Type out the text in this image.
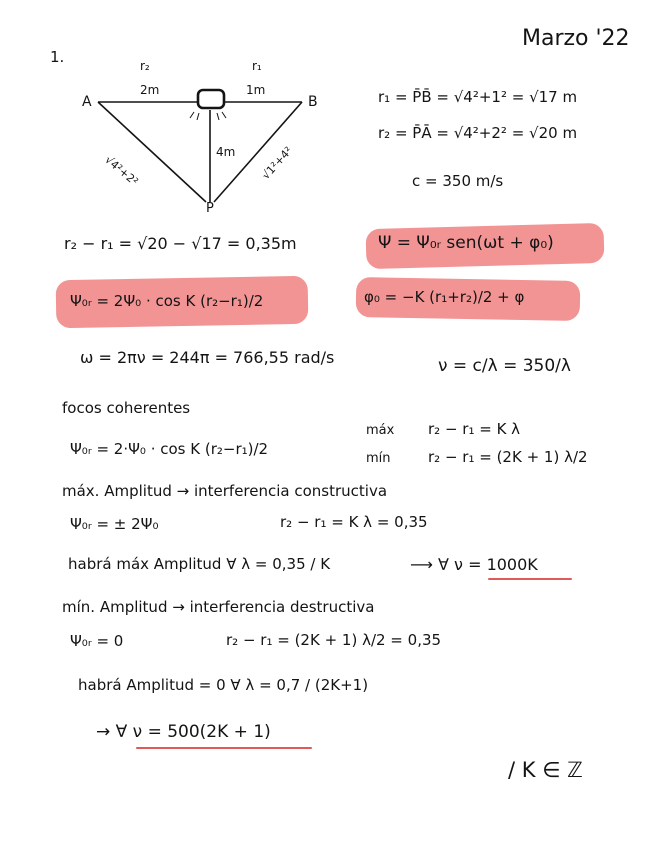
Marzo '22
1.
A	B
P
r₂	r₁
2m	1m
4m
√4²+2²	√1²+4²
r₁ = P̄B̄ = √4²+1² = √17 m
r₂ = P̄Ā = √4²+2² = √20 m
c = 350 m/s
r₂ − r₁ = √20 − √17 = 0,35m	Ψ = Ψ₀ᵣ sen(ωt + φ₀)
Ψ₀ᵣ = 2Ψ₀ · cos K (r₂−r₁)/2	φ₀ = −K (r₁+r₂)/2 + φ
ω = 2πν = 244π = 766,55 rad/s	ν = c/λ = 350/λ
focos coherentes
Ψ₀ᵣ = 2·Ψ₀ · cos K (r₂−r₁)/2
máx r₂ − r₁ = K λ
mín r₂ − r₁ = (2K + 1) λ/2
máx. Amplitud → interferencia constructiva
Ψ₀ᵣ = ± 2Ψ₀	r₂ − r₁ = K λ = 0,35
habrá máx Amplitud ∀ λ = 0,35 / K	⟶ ∀ ν = 1000K
mín. Amplitud → interferencia destructiva
Ψ₀ᵣ = 0	r₂ − r₁ = (2K + 1) λ/2 = 0,35
habrá Amplitud = 0 ∀ λ = 0,7 / (2K+1)
→ ∀ ν = 500(2K + 1)
/ K ∈ ℤ
